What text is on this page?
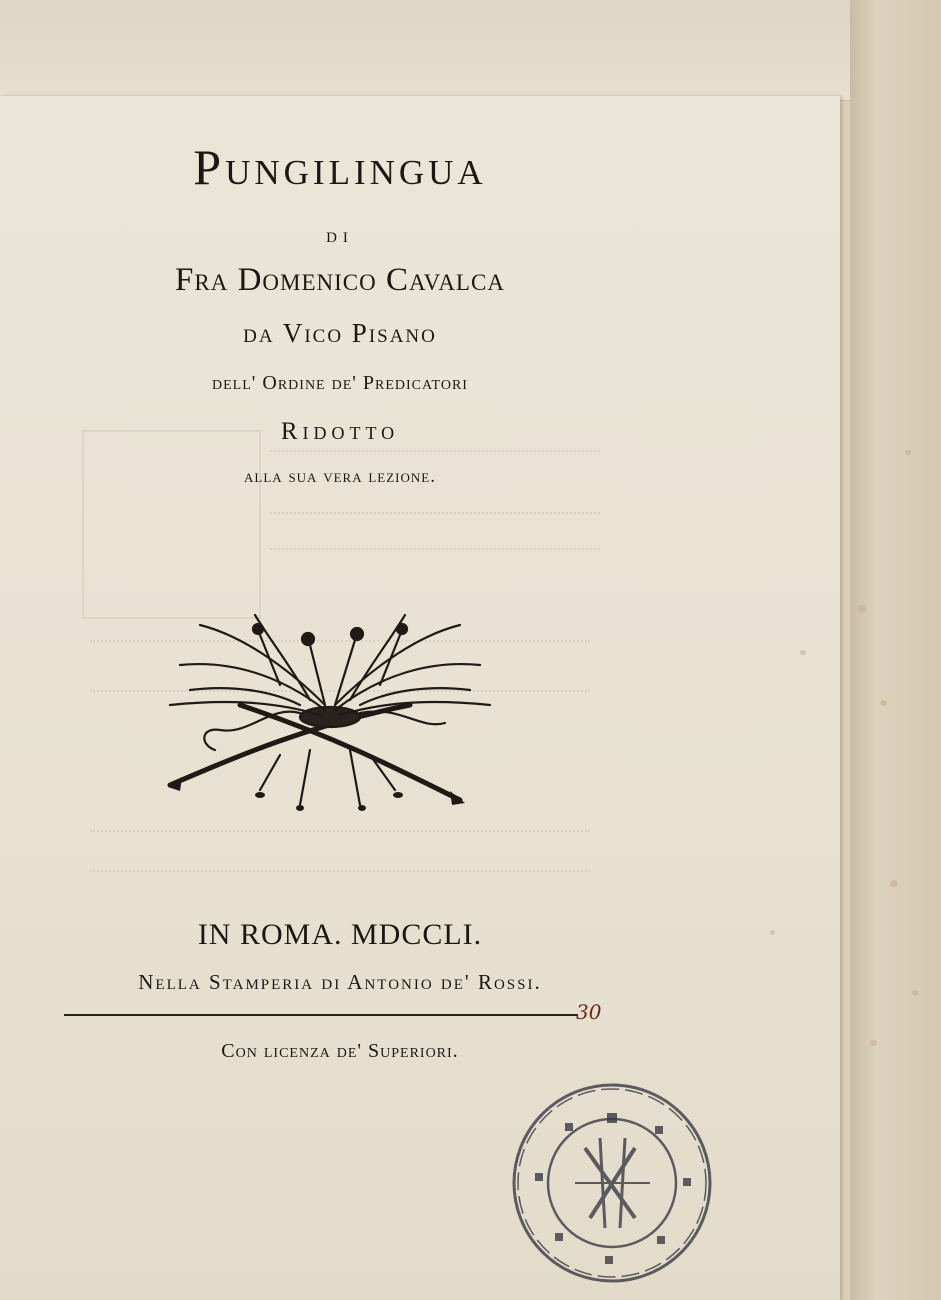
Pungilingua
di
Fra Domenico Cavalca
da Vico Pisano
dell' Ordine de' Predicatori
Ridotto
alla sua vera lezione.
IN ROMA. MDCCLI.
Nella Stamperia di Antonio de' Rossi.
30
Con licenza de' Superiori.
